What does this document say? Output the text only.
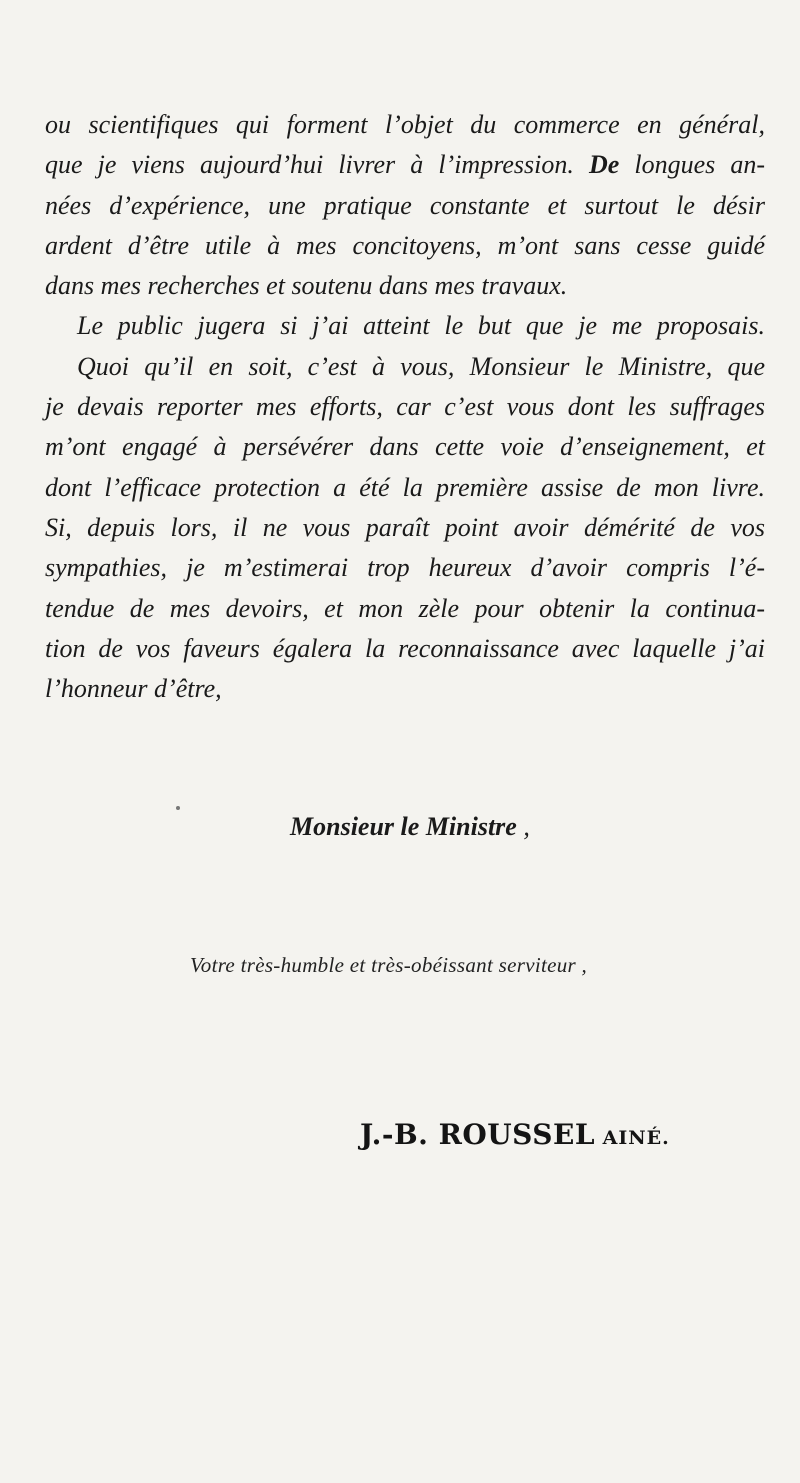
ou scientifiques qui forment l’objet du commerce en général,
que je viens aujourd’hui livrer à l’impression. De longues an-
nées d’expérience, une pratique constante et surtout le désir
ardent d’être utile à mes concitoyens, m’ont sans cesse guidé
dans mes recherches et soutenu dans mes travaux.
Le public jugera si j’ai atteint le but que je me proposais.
Quoi qu’il en soit, c’est à vous, Monsieur le Ministre, que
je devais reporter mes efforts, car c’est vous dont les suffrages
m’ont engagé à persévérer dans cette voie d’enseignement, et
dont l’efficace protection a été la première assise de mon livre.
Si, depuis lors, il ne vous paraît point avoir démérité de vos
sympathies, je m’estimerai trop heureux d’avoir compris l’é-
tendue de mes devoirs, et mon zèle pour obtenir la continua-
tion de vos faveurs égalera la reconnaissance avec laquelle j’ai
l’honneur d’être,
Monsieur le Ministre ,
Votre très-humble et très-obéissant serviteur ,
J.-B. ROUSSEL AINÉ.
